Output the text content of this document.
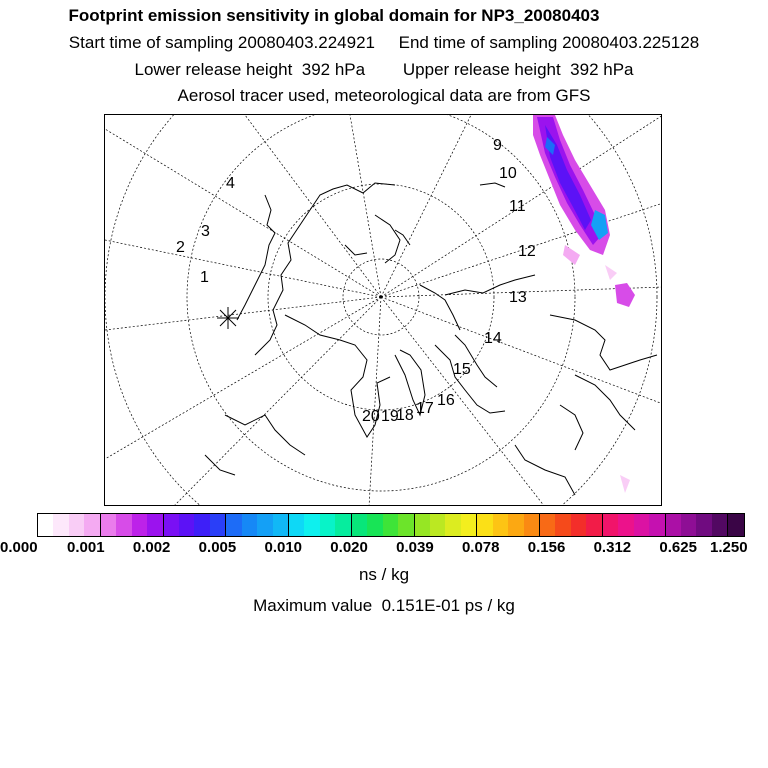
Footprint emission sensitivity in global domain for NP3_20080403
Start time of sampling 20080403.224921     End time of sampling 20080403.225128
Lower release height  392 hPa        Upper release height  392 hPa
Aerosol tracer used, meteorological data are from GFS
1
2
3
4
9
10
11
12
13
14
15
16
17
18
19
20
0.000 0.001 0.002 0.005 0.010 0.020 0.039 0.078 0.156 0.312 0.625 1.250
ns / kg
Maximum value  0.151E-01 ps / kg
